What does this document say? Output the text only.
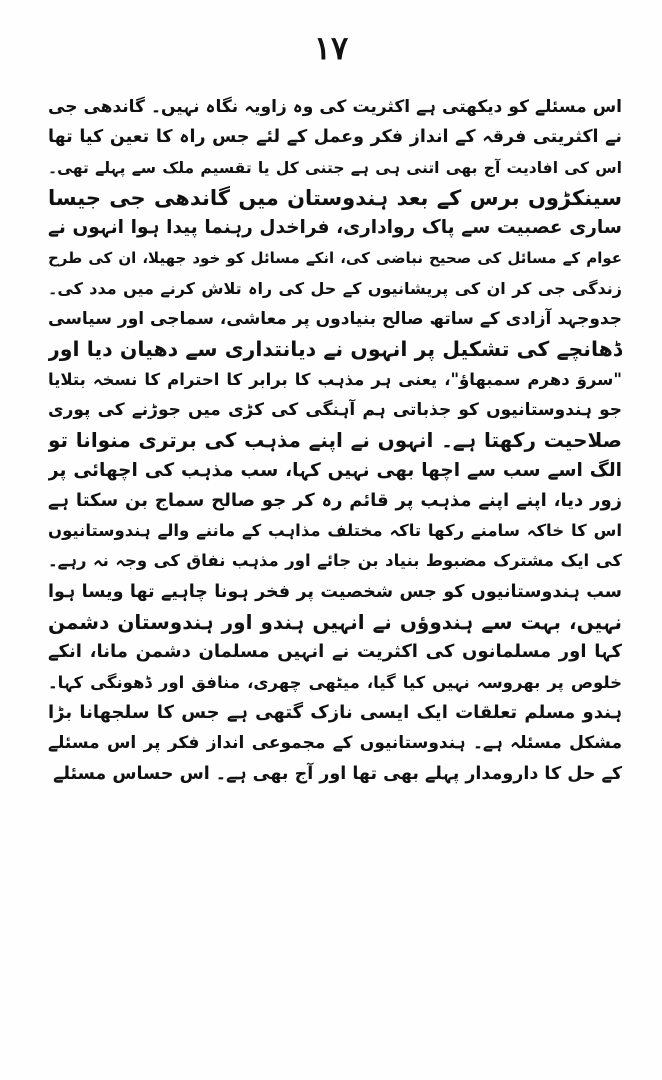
١٧
اس مسئلے کو دیکھتی ہے اکثریت کی وہ زاویہ نگاہ نہیں۔ گاندھی جی
نے اکثریتی فرقہ کے انداز فکر وعمل کے لئے جس راہ کا تعین کیا تھا
اس کی افادیت آج بھی اتنی ہی ہے جتنی کل یا تقسیم ملک سے پہلے تھی۔
سینکڑوں برس کے بعد ہندوستان میں گاندھی جی جیسا
ساری عصبیت سے پاک رواداری، فراخدل رہنما پیدا ہوا انہوں نے
عوام کے مسائل کی صحیح نباضی کی، انکے مسائل کو خود جھیلا، ان کی طرح
زندگی جی کر ان کی پریشانیوں کے حل کی راہ تلاش کرنے میں مدد کی۔
جدوجہد آزادی کے ساتھ صالح بنیادوں پر معاشی، سماجی اور سیاسی
ڈھانچے کی تشکیل پر انہوں نے دیانتداری سے دھیان دیا اور
"سروَ دھرم سمبھاؤ"، یعنی ہر مذہب کا برابر کا احترام کا نسخہ بتلایا
جو ہندوستانیوں کو جذباتی ہم آہنگی کی کڑی میں جوڑنے کی پوری
صلاحیت رکھتا ہے۔ انہوں نے اپنے مذہب کی برتری منوانا تو
الگ اسے سب سے اچھا بھی نہیں کہا، سب مذہب کی اچھائی پر
زور دیا، اپنے اپنے مذہب پر قائم رہ کر جو صالح سماج بن سکتا ہے
اس کا خاکہ سامنے رکھا تاکہ مختلف مذاہب کے ماننے والے ہندوستانیوں
کی ایک مشترک مضبوط بنیاد بن جائے اور مذہب نفاق کی وجہ نہ رہے۔
سب ہندوستانیوں کو جس شخصیت پر فخر ہونا چاہیے تھا ویسا ہوا
نہیں، بہت سے ہندوؤں نے انہیں ہندو اور ہندوستان دشمن
کہا اور مسلمانوں کی اکثریت نے انہیں مسلمان دشمن مانا، انکے
خلوص پر بھروسہ نہیں کیا گیا، میٹھی چھری، منافق اور ڈھونگی کہا۔
ہندو مسلم تعلقات ایک ایسی نازک گتھی ہے جس کا سلجھانا بڑا
مشکل مسئلہ ہے۔ ہندوستانیوں کے مجموعی انداز فکر پر اس مسئلے
کے حل کا دارومدار پہلے بھی تھا اور آج بھی ہے۔ اس حساس مسئلے
